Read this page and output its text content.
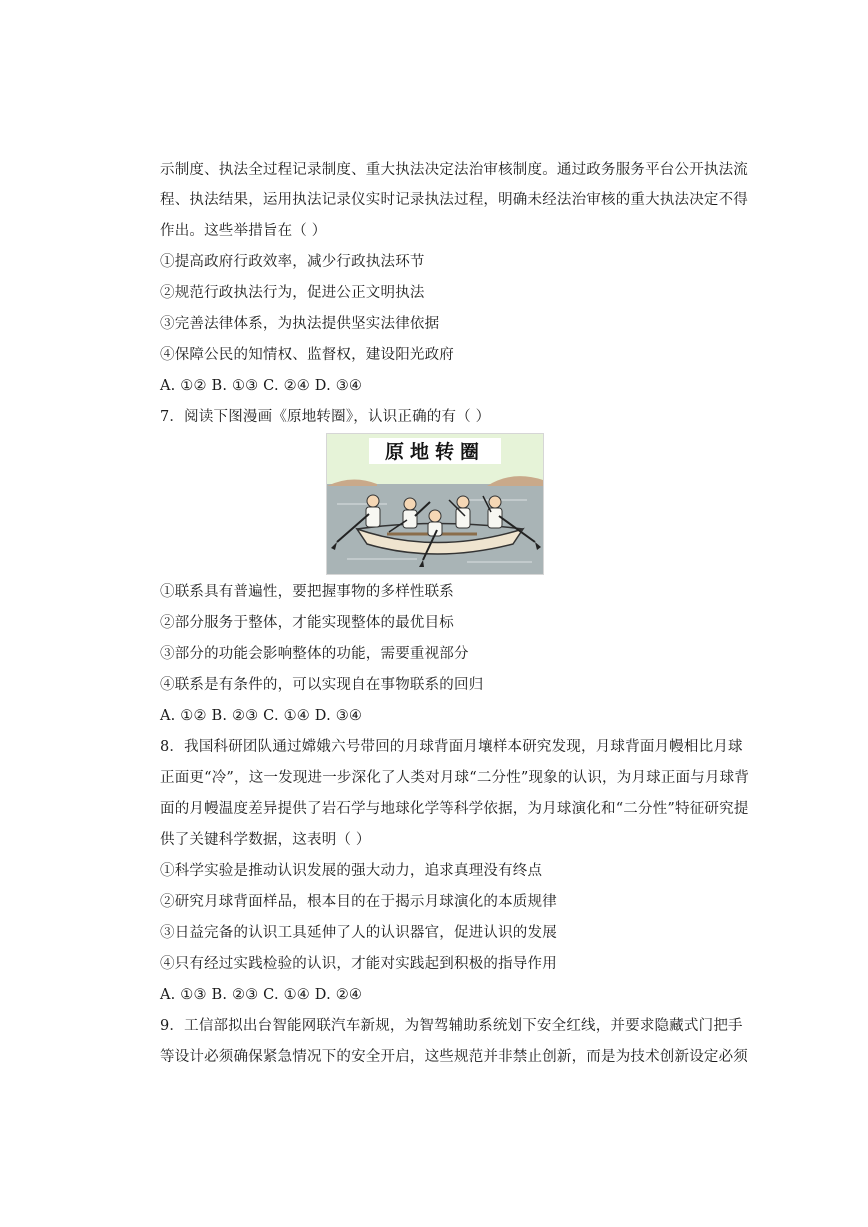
示制度、执法全过程记录制度、重大执法决定法治审核制度。通过政务服务平台公开执法流
程、执法结果，运用执法记录仪实时记录执法过程，明确未经法治审核的重大执法决定不得
作出。这些举措旨在（ ）
①提高政府行政效率，减少行政执法环节
②规范行政执法行为，促进公正文明执法
③完善法律体系，为执法提供坚实法律依据
④保障公民的知情权、监督权，建设阳光政府
A. ①② B. ①③ C. ②④ D. ③④
7．阅读下图漫画《原地转圈》，认识正确的有（ ）
原地转圈
①联系具有普遍性，要把握事物的多样性联系
②部分服务于整体，才能实现整体的最优目标
③部分的功能会影响整体的功能，需要重视部分
④联系是有条件的，可以实现自在事物联系的回归
A. ①② B. ②③ C. ①④ D. ③④
8．我国科研团队通过嫦娥六号带回的月球背面月壤样本研究发现，月球背面月幔相比月球
正面更“冷”，这一发现进一步深化了人类对月球“二分性”现象的认识，为月球正面与月球背
面的月幔温度差异提供了岩石学与地球化学等科学依据，为月球演化和“二分性”特征研究提
供了关键科学数据，这表明（ ）
①科学实验是推动认识发展的强大动力，追求真理没有终点
②研究月球背面样品，根本目的在于揭示月球演化的本质规律
③日益完备的认识工具延伸了人的认识器官，促进认识的发展
④只有经过实践检验的认识，才能对实践起到积极的指导作用
A. ①③ B. ②③ C. ①④ D. ②④
9．工信部拟出台智能网联汽车新规，为智驾辅助系统划下安全红线，并要求隐藏式门把手
等设计必须确保紧急情况下的安全开启，这些规范并非禁止创新，而是为技术创新设定必须
